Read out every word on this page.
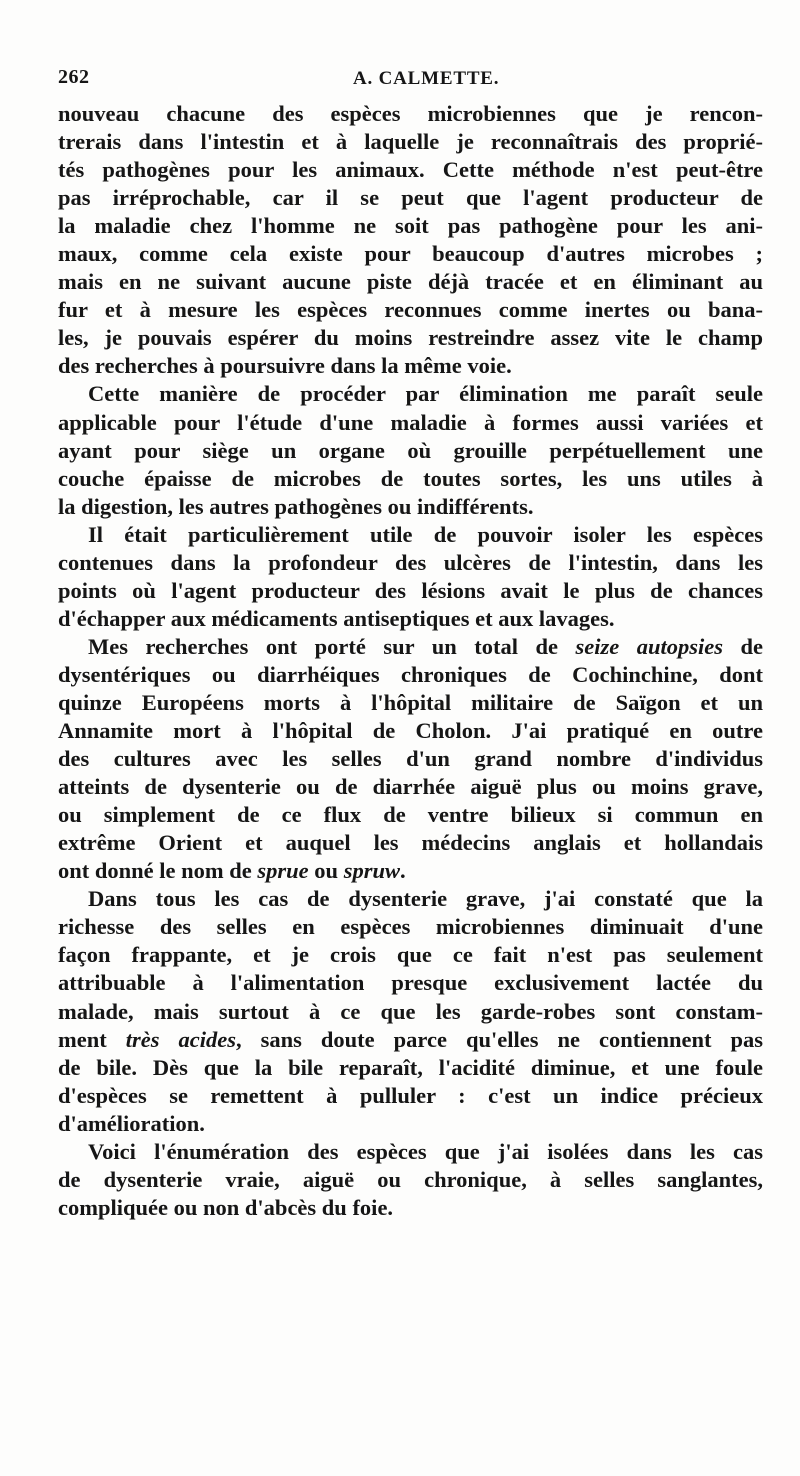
262	A. CALMETTE.
nouveau chacune des espèces microbiennes que je rencon-
trerais dans l'intestin et à laquelle je reconnaîtrais des proprié-
tés pathogènes pour les animaux. Cette méthode n'est peut-être
pas irréprochable, car il se peut que l'agent producteur de
la maladie chez l'homme ne soit pas pathogène pour les ani-
maux, comme cela existe pour beaucoup d'autres microbes ;
mais en ne suivant aucune piste déjà tracée et en éliminant au
fur et à mesure les espèces reconnues comme inertes ou bana-
les, je pouvais espérer du moins restreindre assez vite le champ
des recherches à poursuivre dans la même voie.
Cette manière de procéder par élimination me paraît seule
applicable pour l'étude d'une maladie à formes aussi variées et
ayant pour siège un organe où grouille perpétuellement une
couche épaisse de microbes de toutes sortes, les uns utiles à
la digestion, les autres pathogènes ou indifférents.
Il était particulièrement utile de pouvoir isoler les espèces
contenues dans la profondeur des ulcères de l'intestin, dans les
points où l'agent producteur des lésions avait le plus de chances
d'échapper aux médicaments antiseptiques et aux lavages.
Mes recherches ont porté sur un total de seize autopsies de
dysentériques ou diarrhéiques chroniques de Cochinchine, dont
quinze Européens morts à l'hôpital militaire de Saïgon et un
Annamite mort à l'hôpital de Cholon. J'ai pratiqué en outre
des cultures avec les selles d'un grand nombre d'individus
atteints de dysenterie ou de diarrhée aiguë plus ou moins grave,
ou simplement de ce flux de ventre bilieux si commun en
extrême Orient et auquel les médecins anglais et hollandais
ont donné le nom de sprue ou spruw.
Dans tous les cas de dysenterie grave, j'ai constaté que la
richesse des selles en espèces microbiennes diminuait d'une
façon frappante, et je crois que ce fait n'est pas seulement
attribuable à l'alimentation presque exclusivement lactée du
malade, mais surtout à ce que les garde-robes sont constam-
ment très acides, sans doute parce qu'elles ne contiennent pas
de bile. Dès que la bile reparaît, l'acidité diminue, et une foule
d'espèces se remettent à pulluler : c'est un indice précieux
d'amélioration.
Voici l'énumération des espèces que j'ai isolées dans les cas
de dysenterie vraie, aiguë ou chronique, à selles sanglantes,
compliquée ou non d'abcès du foie.
